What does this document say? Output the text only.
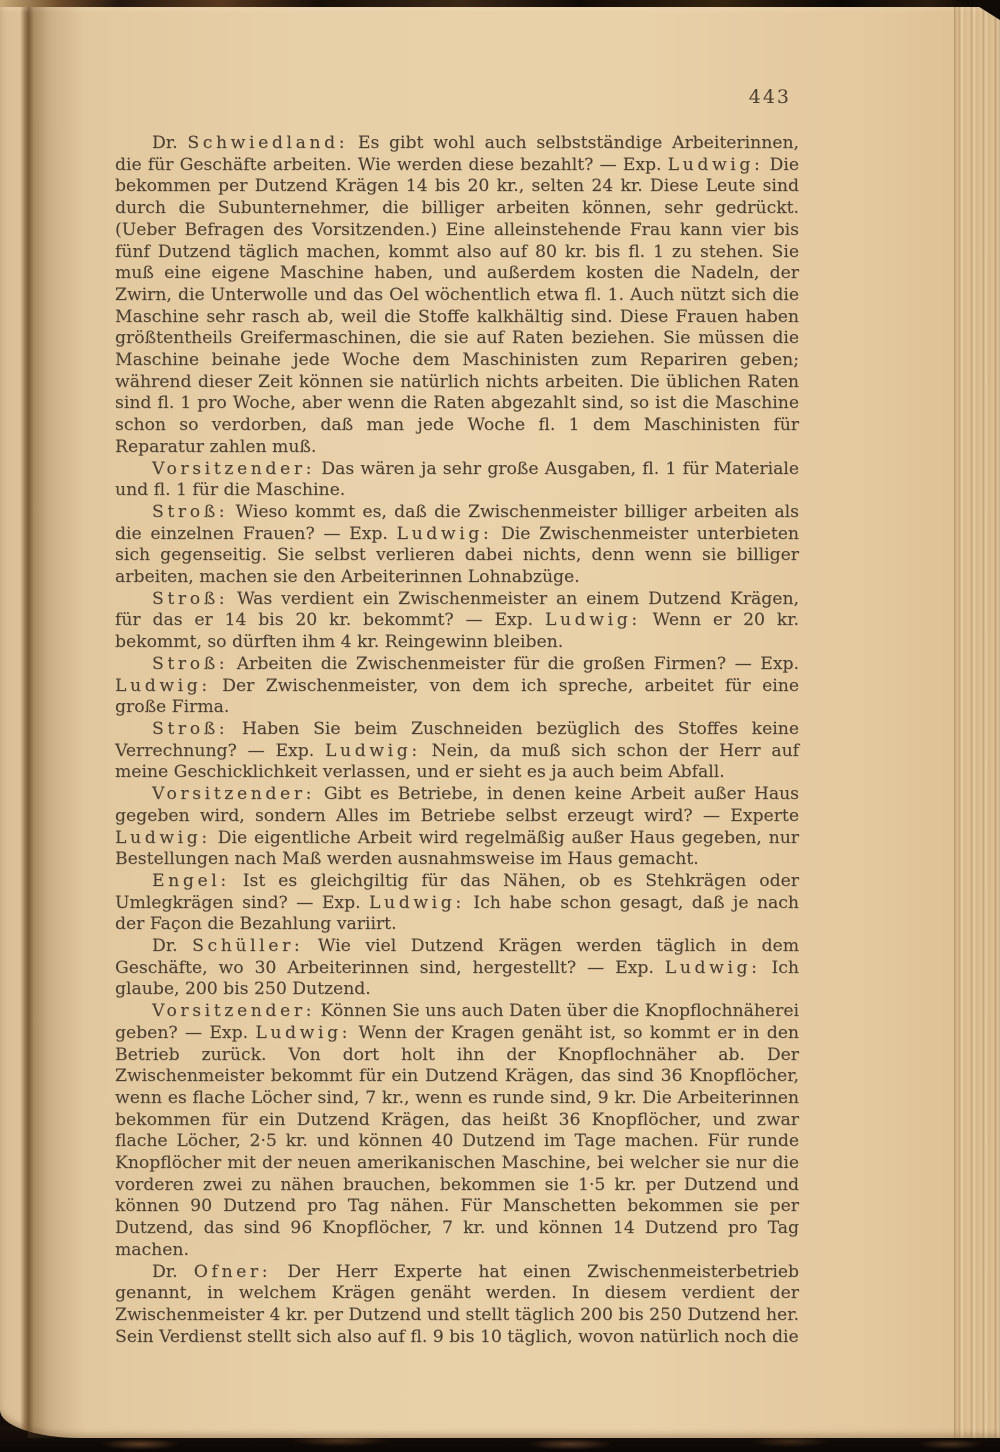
443

Dr. Schwiedland: Es gibt wohl auch selbstständige Arbeiterinnen, die für Geschäfte arbeiten. Wie werden diese bezahlt? — Exp. Ludwig: Die bekommen per Dutzend Krägen 14 bis 20 kr., selten 24 kr. Diese Leute sind durch die Subunternehmer, die billiger arbeiten können, sehr gedrückt. (Ueber Befragen des Vorsitzenden.) Eine alleinstehende Frau kann vier bis fünf Dutzend täglich machen, kommt also auf 80 kr. bis fl. 1 zu stehen. Sie muß eine eigene Maschine haben, und außerdem kosten die Nadeln, der Zwirn, die Unterwolle und das Oel wöchentlich etwa fl. 1. Auch nützt sich die Maschine sehr rasch ab, weil die Stoffe kalkhältig sind. Diese Frauen haben größtentheils Greifermaschinen, die sie auf Raten beziehen. Sie müssen die Maschine beinahe jede Woche dem Maschinisten zum Repariren geben; während dieser Zeit können sie natürlich nichts arbeiten. Die üblichen Raten sind fl. 1 pro Woche, aber wenn die Raten abgezahlt sind, so ist die Maschine schon so verdorben, daß man jede Woche fl. 1 dem Maschinisten für Reparatur zahlen muß.

Vorsitzender: Das wären ja sehr große Ausgaben, fl. 1 für Materiale und fl. 1 für die Maschine.

Stroß: Wieso kommt es, daß die Zwischenmeister billiger arbeiten als die einzelnen Frauen? — Exp. Ludwig: Die Zwischenmeister unterbieten sich gegenseitig. Sie selbst verlieren dabei nichts, denn wenn sie billiger arbeiten, machen sie den Arbeiterinnen Lohnabzüge.

Stroß: Was verdient ein Zwischenmeister an einem Dutzend Krägen, für das er 14 bis 20 kr. bekommt? — Exp. Ludwig: Wenn er 20 kr. bekommt, so dürften ihm 4 kr. Reingewinn bleiben.

Stroß: Arbeiten die Zwischenmeister für die großen Firmen? — Exp. Ludwig: Der Zwischenmeister, von dem ich spreche, arbeitet für eine große Firma.

Stroß: Haben Sie beim Zuschneiden bezüglich des Stoffes keine Verrechnung? — Exp. Ludwig: Nein, da muß sich schon der Herr auf meine Geschicklichkeit verlassen, und er sieht es ja auch beim Abfall.

Vorsitzender: Gibt es Betriebe, in denen keine Arbeit außer Haus gegeben wird, sondern Alles im Betriebe selbst erzeugt wird? — Experte Ludwig: Die eigentliche Arbeit wird regelmäßig außer Haus gegeben, nur Bestellungen nach Maß werden ausnahmsweise im Haus gemacht.

Engel: Ist es gleichgiltig für das Nähen, ob es Stehkrägen oder Umlegkrägen sind? — Exp. Ludwig: Ich habe schon gesagt, daß je nach der Façon die Bezahlung variirt.

Dr. Schüller: Wie viel Dutzend Krägen werden täglich in dem Geschäfte, wo 30 Arbeiterinnen sind, hergestellt? — Exp. Ludwig: Ich glaube, 200 bis 250 Dutzend.

Vorsitzender: Können Sie uns auch Daten über die Knopflochnäherei geben? — Exp. Ludwig: Wenn der Kragen genäht ist, so kommt er in den Betrieb zurück. Von dort holt ihn der Knopflochnäher ab. Der Zwischenmeister bekommt für ein Dutzend Krägen, das sind 36 Knopflöcher, wenn es flache Löcher sind, 7 kr., wenn es runde sind, 9 kr. Die Arbeiterinnen bekommen für ein Dutzend Krägen, das heißt 36 Knopflöcher, und zwar flache Löcher, 2·5 kr. und können 40 Dutzend im Tage machen. Für runde Knopflöcher mit der neuen amerikanischen Maschine, bei welcher sie nur die vorderen zwei zu nähen brauchen, bekommen sie 1·5 kr. per Dutzend und können 90 Dutzend pro Tag nähen. Für Manschetten bekommen sie per Dutzend, das sind 96 Knopflöcher, 7 kr. und können 14 Dutzend pro Tag machen.

Dr. Ofner: Der Herr Experte hat einen Zwischenmeisterbetrieb genannt, in welchem Krägen genäht werden. In diesem verdient der Zwischenmeister 4 kr. per Dutzend und stellt täglich 200 bis 250 Dutzend her. Sein Verdienst stellt sich also auf fl. 9 bis 10 täglich, wovon natürlich noch die
